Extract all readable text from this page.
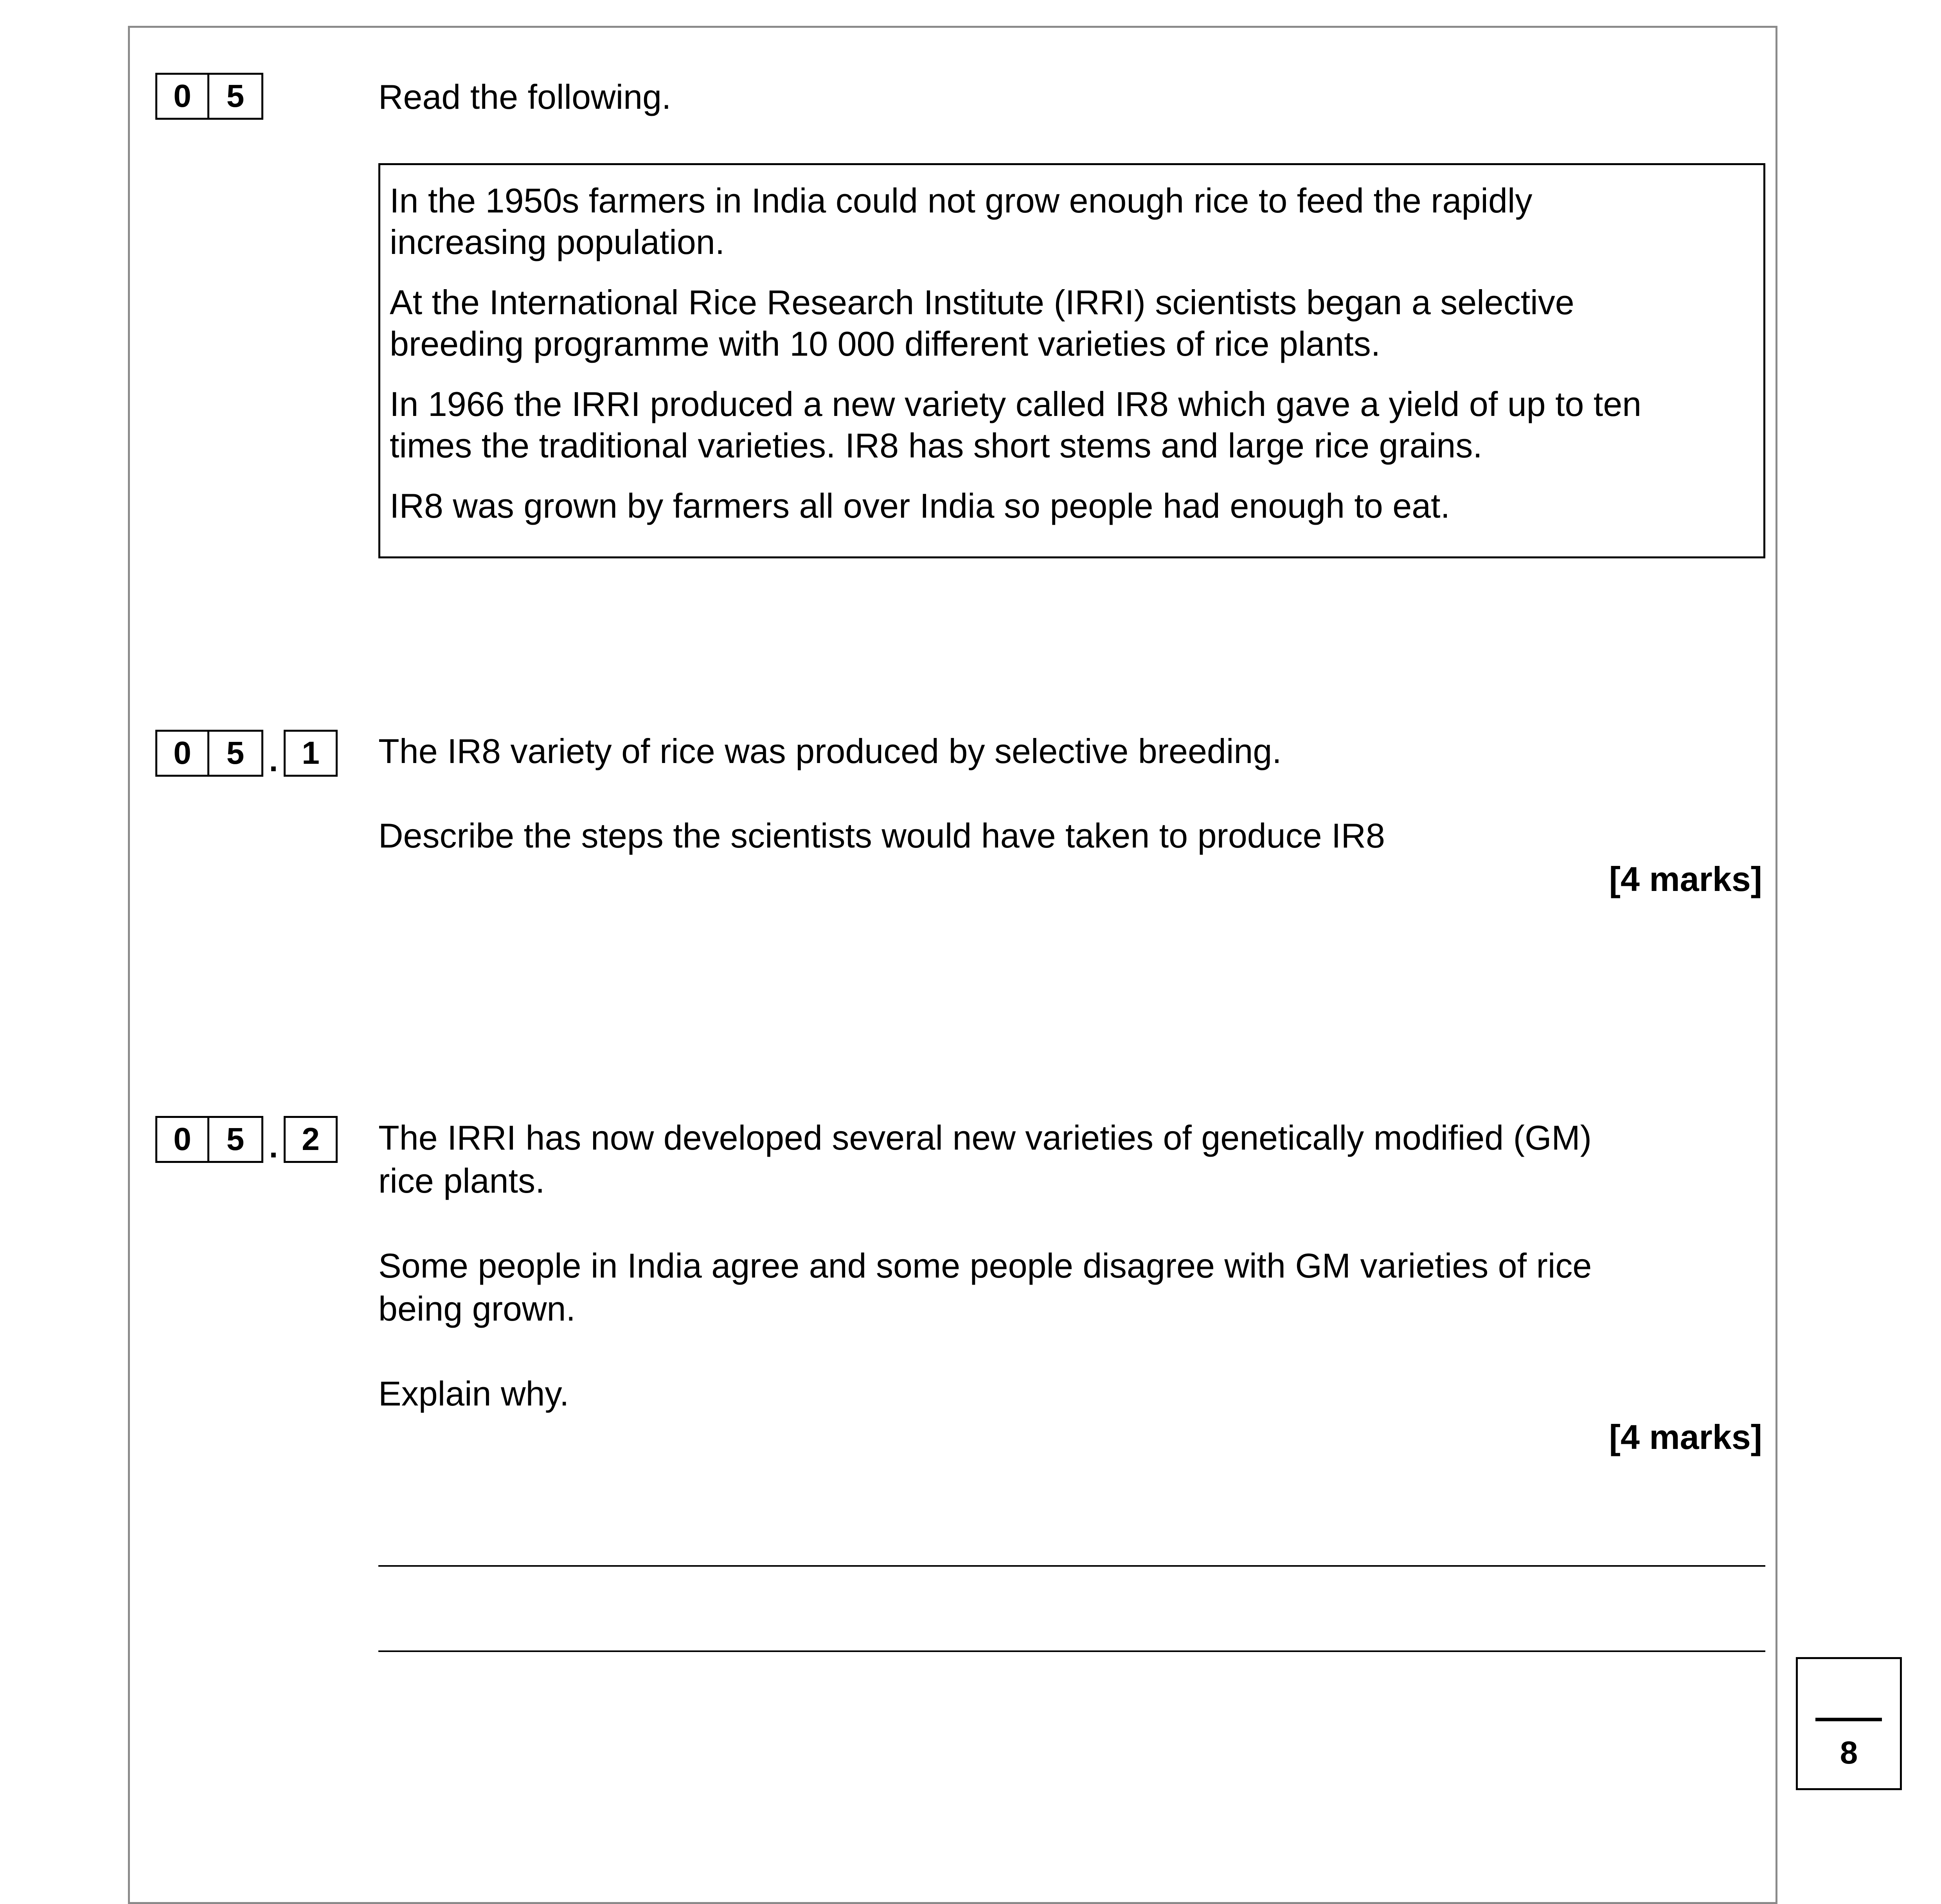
0	5	Read the following.

In the 1950s farmers in India could not grow enough rice to feed the rapidly
increasing population.

At the International Rice Research Institute (IRRI) scientists began a selective
breeding programme with 10 000 different varieties of rice plants.

In 1966 the IRRI produced a new variety called IR8 which gave a yield of up to ten
times the traditional varieties. IR8 has short stems and large rice grains.

IR8 was grown by farmers all over India so people had enough to eat.

0	5 . 1	The IR8 variety of rice was produced by selective breeding.
Describe the steps the scientists would have taken to produce IR8
[4 marks]
0	5 . 2	The IRRI has now developed several new varieties of genetically modified (GM)
rice plants.
Some people in India agree and some people disagree with GM varieties of rice
being grown.
Explain why.
[4 marks]
8
